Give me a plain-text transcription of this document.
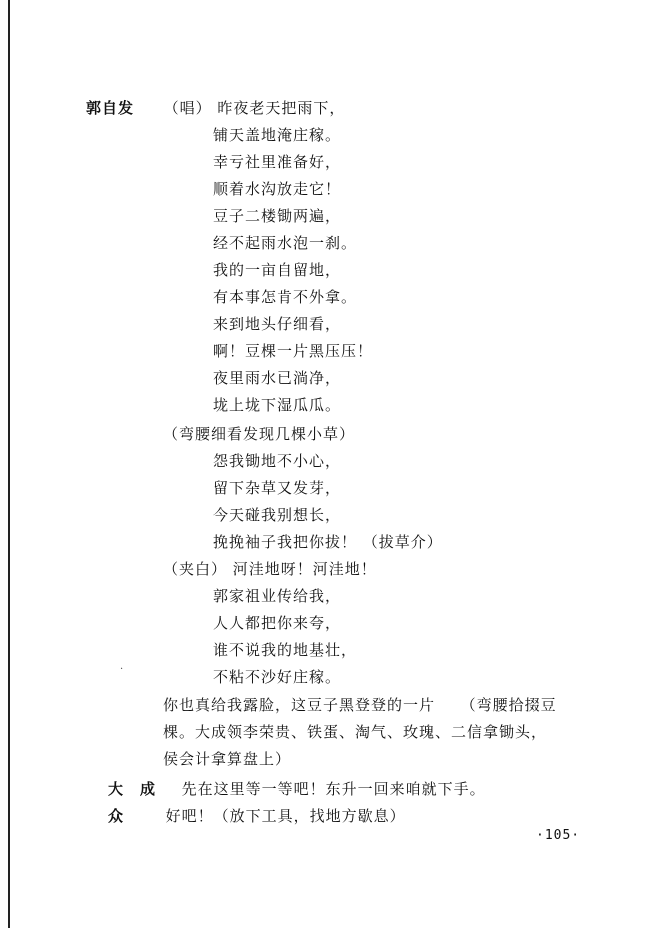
郭自发 （唱） 昨夜老天把雨下，
铺天盖地淹庄稼。
幸亏社里准备好，
顺着水沟放走它！
豆子二楼锄两遍，
经不起雨水泡一刹。
我的一亩自留地，
有本事怎肯不外拿。
来到地头仔细看，
啊！豆棵一片黑压压！
夜里雨水已淌净，
垅上垅下湿瓜瓜。
（弯腰细看发现几棵小草）
怨我锄地不小心，
留下杂草又发芽，
今天碰我别想长，
挽挽袖子我把你拔！ （拔草介）
（夹白） 河洼地呀！河洼地！
郭家祖业传给我，
人人都把你来夸，
谁不说我的地基壮，
不粘不沙好庄稼。
·
你也真给我露脸，这豆子黑登登的一片 （弯腰拾掇豆
棵。大成领李荣贵、铁蛋、淘气、玫瑰、二信拿锄头，
侯会计拿算盘上）
大　成 先在这里等一等吧！东升一回来咱就下手。
众	好吧！（放下工具，找地方歇息）
·105·
